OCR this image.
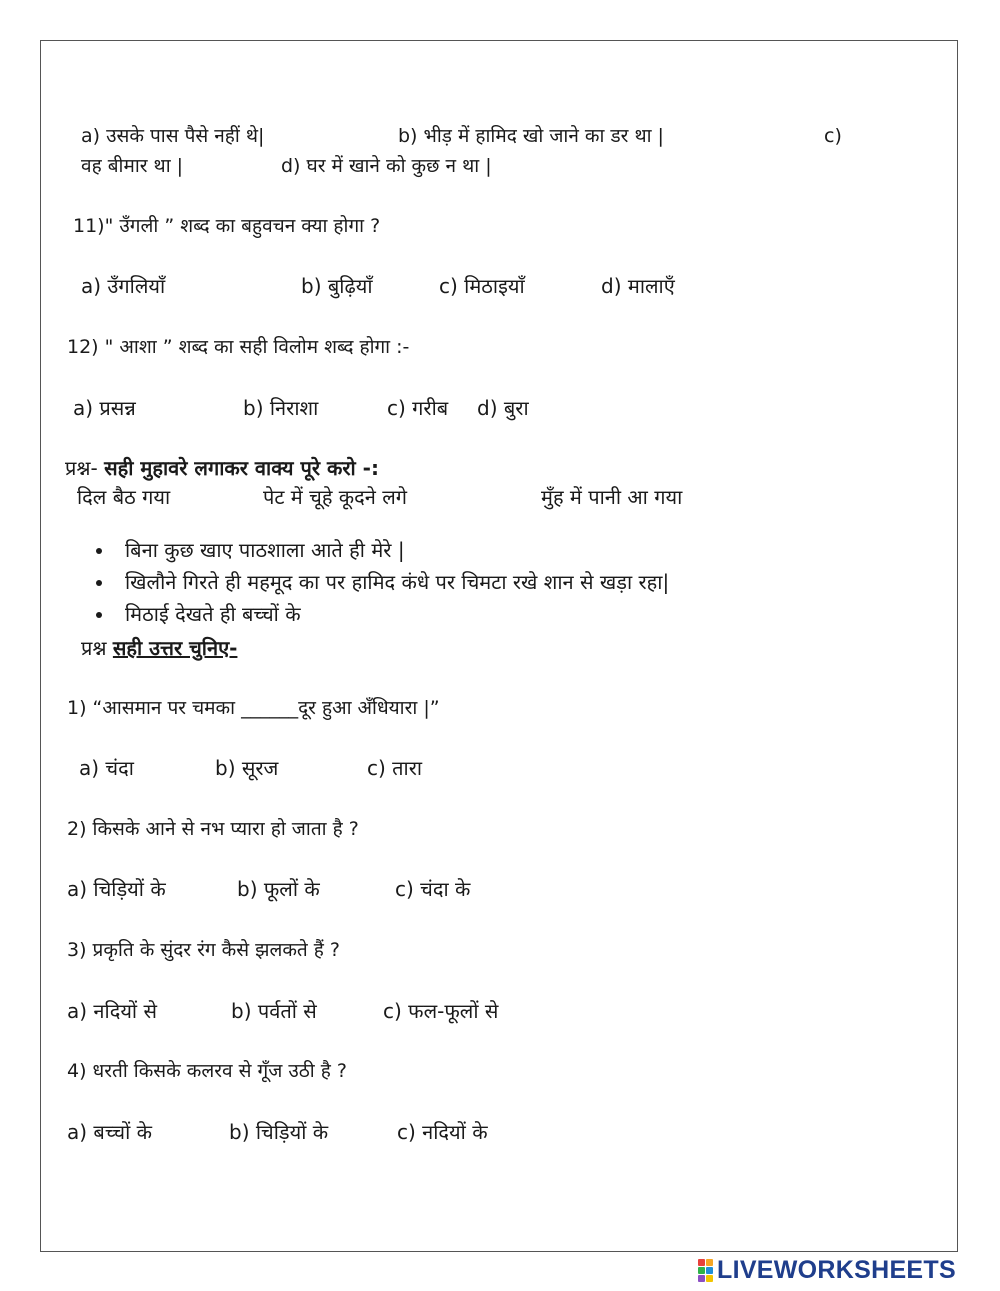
a) उसके पास पैसे नहीं थे|	b) भीड़ में हामिद खो जाने का डर था |	c)
वह बीमार था |	d) घर में खाने को कुछ न था |
11)" उँगली ” शब्द का बहुवचन क्या होगा ?
a) उँगलियाँ	b) बुढ़ियाँ	c) मिठाइयाँ	d) मालाएँ
12) " आशा ” शब्द का सही विलोम शब्द होगा :-
a) प्रसन्न	b) निराशा	c) गरीब d) बुरा
प्रश्न- सही मुहावरे लगाकर वाक्य पूरे करो -:
दिल बैठ गया	पेट में चूहे कूदने लगे	मुँह में पानी आ गया
बिना कुछ खाए पाठशाला आते ही मेरे |
खिलौने गिरते ही महमूद का पर हामिद कंधे पर चिमटा रखे शान से खड़ा रहा|
मिठाई देखते ही बच्चों के
प्रश्न सही उत्तर चुनिए-
1) “आसमान पर चमका ______दूर हुआ अँधियारा |”
a) चंदा	b) सूरज	c) तारा
2) किसके आने से नभ प्यारा हो जाता है ?
a) चिड़ियों के	b) फूलों के	c) चंदा के
3) प्रकृति के सुंदर रंग कैसे झलकते हैं ?
a) नदियों से	b) पर्वतों से	c) फल-फूलों से
4) धरती किसके कलरव से गूँज उठी है ?
a) बच्चों के	b) चिड़ियों के	c) नदियों के
LIVEWORKSHEETS
